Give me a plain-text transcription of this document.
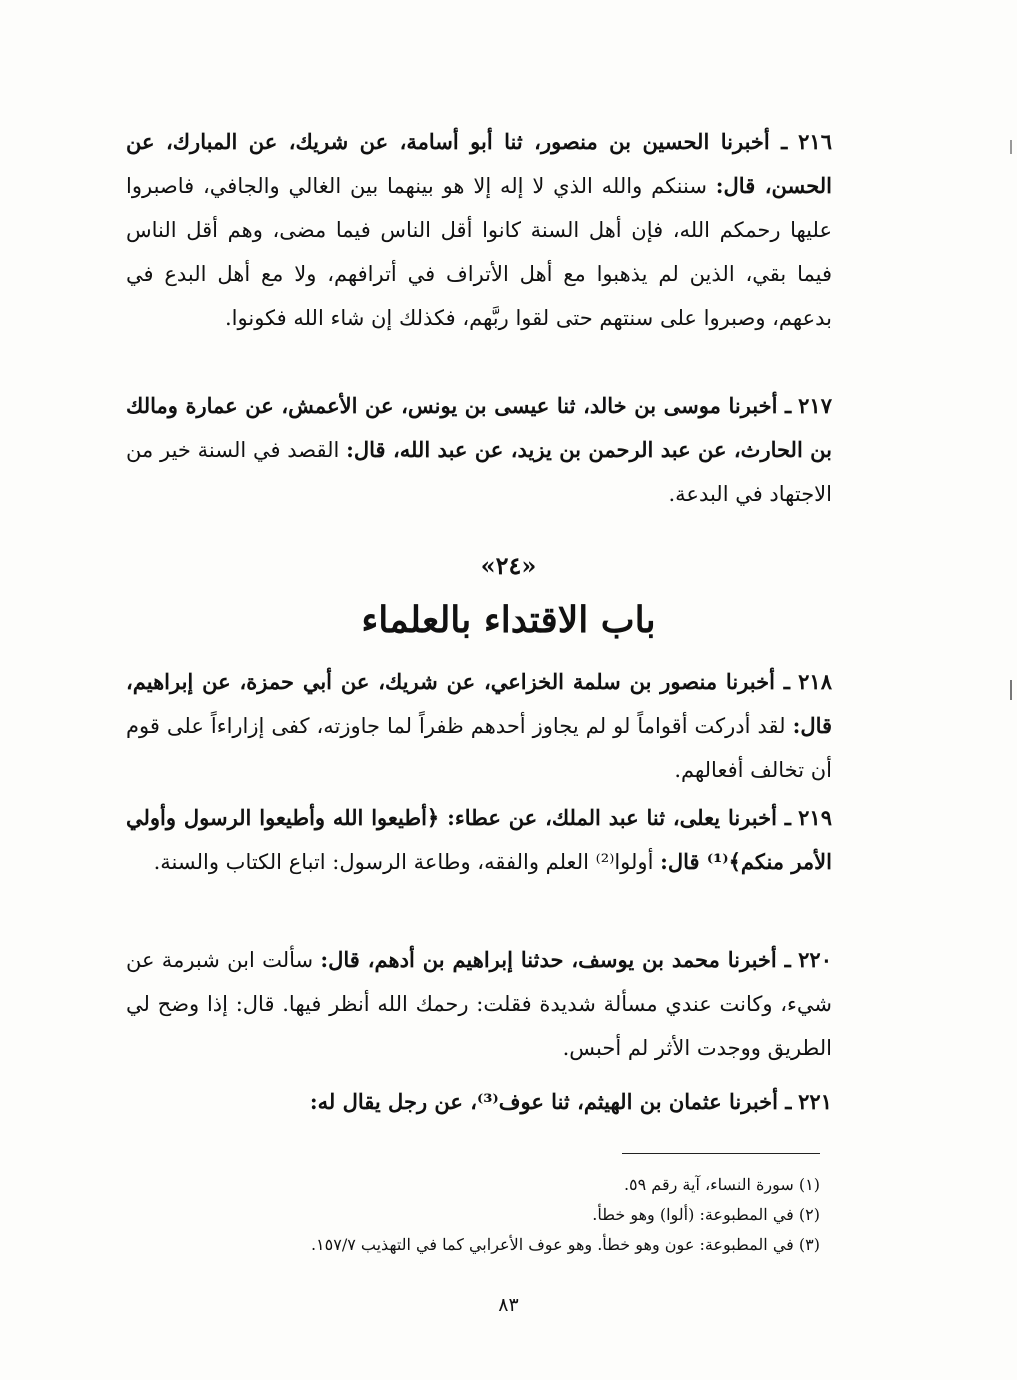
٢١٦ ـ أخبرنا الحسين بن منصور، ثنا أبو أسامة، عن شريك، عن المبارك، عن الحسن، قال: سننكم والله الذي لا إله إلا هو بينهما بين الغالي والجافي، فاصبروا عليها رحمكم الله، فإن أهل السنة كانوا أقل الناس فيما مضى، وهم أقل الناس فيما بقي، الذين لم يذهبوا مع أهل الأتراف في أترافهم، ولا مع أهل البدع في بدعهم، وصبروا على سنتهم حتى لقوا ربَّهم، فكذلك إن شاء الله فكونوا.

٢١٧ ـ أخبرنا موسى بن خالد، ثنا عيسى بن يونس، عن الأعمش، عن عمارة ومالك بن الحارث، عن عبد الرحمن بن يزيد، عن عبد الله، قال: القصد في السنة خير من الاجتهاد في البدعة.

«٢٤»
باب الاقتداء بالعلماء

٢١٨ ـ أخبرنا منصور بن سلمة الخزاعي، عن شريك، عن أبي حمزة، عن إبراهيم، قال: لقد أدركت أقواماً لو لم يجاوز أحدهم ظفراً لما جاوزته، كفى إزاراءاً على قوم أن تخالف أفعالهم.

٢١٩ ـ أخبرنا يعلى، ثنا عبد الملك، عن عطاء: ﴿أطيعوا الله وأطيعوا الرسول وأولي الأمر منكم﴾⁽¹⁾ قال: أولوا⁽²⁾ العلم والفقه، وطاعة الرسول: اتباع الكتاب والسنة.

٢٢٠ ـ أخبرنا محمد بن يوسف، حدثنا إبراهيم بن أدهم، قال: سألت ابن شبرمة عن شيء، وكانت عندي مسألة شديدة فقلت: رحمك الله أنظر فيها. قال: إذا وضح لي الطريق ووجدت الأثر لم أحبس.

٢٢١ ـ أخبرنا عثمان بن الهيثم، ثنا عوف⁽³⁾، عن رجل يقال له:

(١) سورة النساء، آية رقم ٥٩.
(٢) في المطبوعة: (ألوا) وهو خطأ.
(٣) في المطبوعة: عون وهو خطأ. وهو عوف الأعرابي كما في التهذيب ١٥٧/٧.
٨٣
